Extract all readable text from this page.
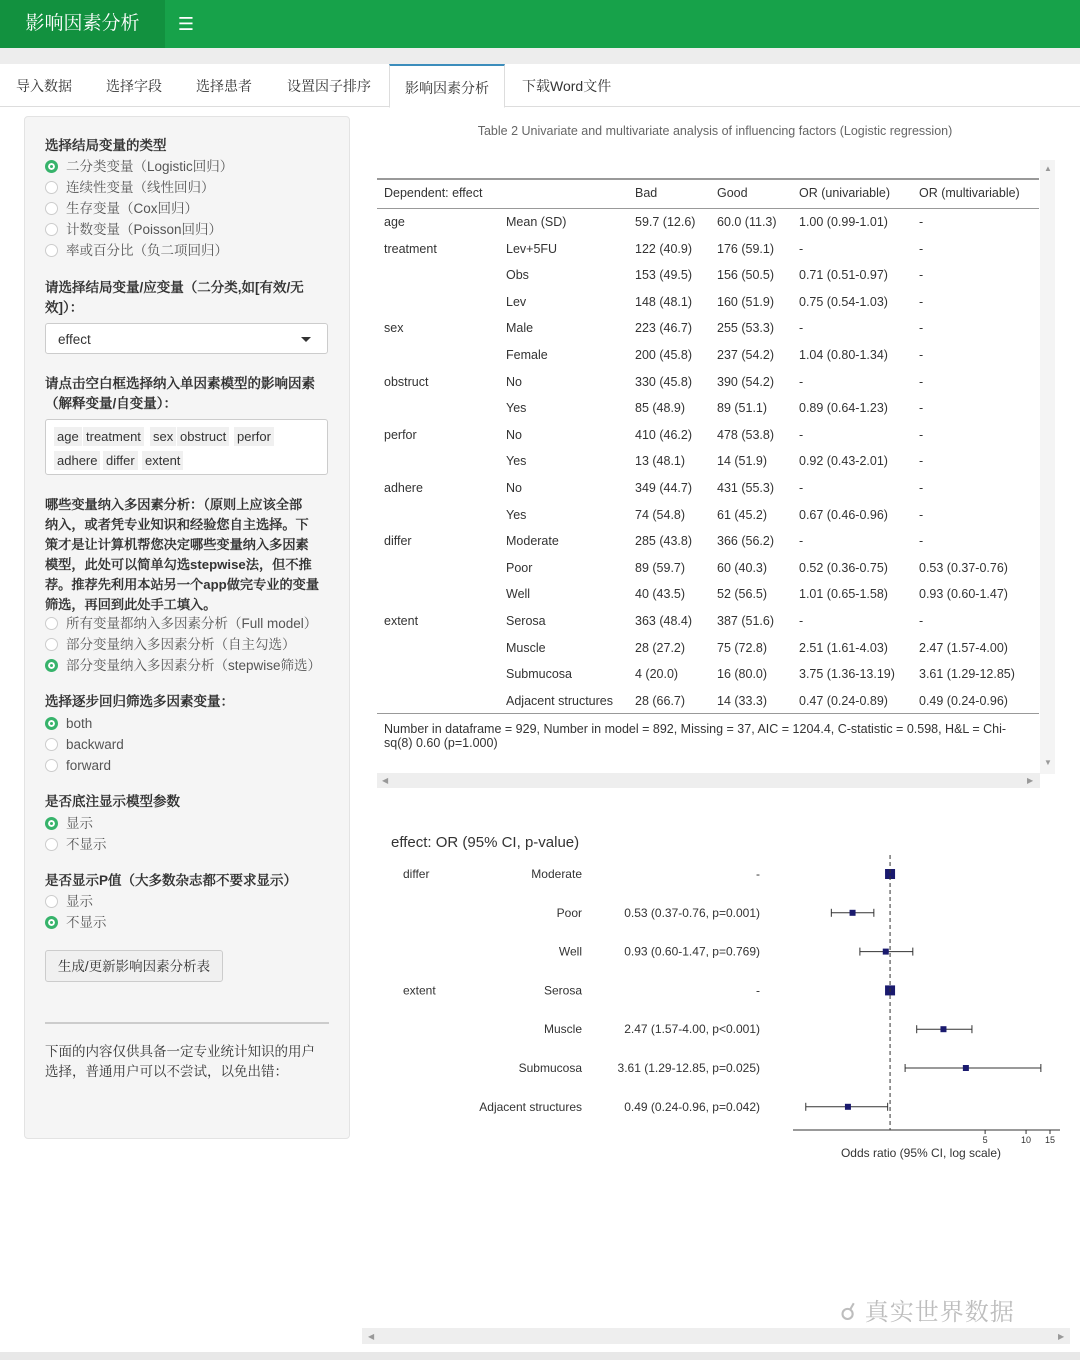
影响因素分析	☰
导入数据 选择字段 选择患者	设置因子排序	影响因素分析	下载Word文件
选择结局变量的类型
二分类变量（Logistic回归）
连续性变量（线性回归）
生存变量（Cox回归）
计数变量（Poisson回归）
率或百分比（负二项回归）
请选择结局变量/应变量（二分类,如[有效/无
效]）：
effect
请点击空白框选择纳入单因素模型的影响因素
（解释变量/自变量）：
age treatment sex obstruct perfor
adhere differ extent
哪些变量纳入多因素分析：（原则上应该全部
纳入，或者凭专业知识和经验您自主选择。下
策才是让计算机帮您决定哪些变量纳入多因素
模型，此处可以简单勾选stepwise法，但不推
荐。推荐先利用本站另一个app做完专业的变量
筛选，再回到此处手工填入。
所有变量都纳入多因素分析（Full model）
部分变量纳入多因素分析（自主勾选）
部分变量纳入多因素分析（stepwise筛选）
选择逐步回归筛选多因素变量：
both
backward
forward
是否底注显示模型参数
显示
不显示
是否显示P值（大多数杂志都不要求显示）
显示
不显示
生成/更新影响因素分析表
下面的内容仅供具备一定专业统计知识的用户
选择，普通用户可以不尝试，以免出错：
Table 2 Univariate and multivariate analysis of influencing factors (Logistic regression)
Dependent: effect	Bad	Good	OR (univariable) OR (multivariable)
age	Mean (SD)	59.7 (12.6) 60.0 (11.3) 1.00 (0.99-1.01) -
treatment	Lev+5FU	122 (40.9) 176 (59.1) -	-
Obs	153 (49.5) 156 (50.5) 0.71 (0.51-0.97) -
Lev	148 (48.1) 160 (51.9) 0.75 (0.54-1.03) -
sex	Male	223 (46.7) 255 (53.3) -	-
Female	200 (45.8) 237 (54.2) 1.04 (0.80-1.34) -
obstruct	No	330 (45.8) 390 (54.2) -	-
Yes	85 (48.9)	89 (51.1)	0.89 (0.64-1.23) -
perfor	No	410 (46.2) 478 (53.8) -	-
Yes	13 (48.1)	14 (51.9)	0.92 (0.43-2.01) -
adhere	No	349 (44.7) 431 (55.3) -	-
Yes	74 (54.8)	61 (45.2)	0.67 (0.46-0.96) -
differ	Moderate	285 (43.8) 366 (56.2) -	-
Poor	89 (59.7)	60 (40.3)	0.52 (0.36-0.75) 0.53 (0.37-0.76)
Well	40 (43.5)	52 (56.5)	1.01 (0.65-1.58) 0.93 (0.60-1.47)
extent	Serosa	363 (48.4) 387 (51.6) -	-
Muscle	28 (27.2)	75 (72.8)	2.51 (1.61-4.03) 2.47 (1.57-4.00)
Submucosa	4 (20.0)	16 (80.0)	3.75 (1.36-13.19) 3.61 (1.29-12.85)
Adjacent structures 28 (66.7)	14 (33.3)	0.47 (0.24-0.89) 0.49 (0.24-0.96)
Number in dataframe = 929, Number in model = 892, Missing = 37, AIC = 1204.4, C-statistic = 0.598, H&L = Chi-
sq(8) 0.60 (p=1.000)
▲
▼
◀	▶
effect: OR (95% CI, p-value)
differ	Moderate	-
Poor	0.53 (0.37-0.76, p=0.001)
Well	0.93 (0.60-1.47, p=0.769)
extent	Serosa	-
Muscle	2.47 (1.57-4.00, p<0.001)
Submucosa	3.61 (1.29-12.85, p=0.025)
Adjacent structures	0.49 (0.24-0.96, p=0.042)
5	10 15
Odds ratio (95% CI, log scale)
☌ 真实世界数据
◀	▶
